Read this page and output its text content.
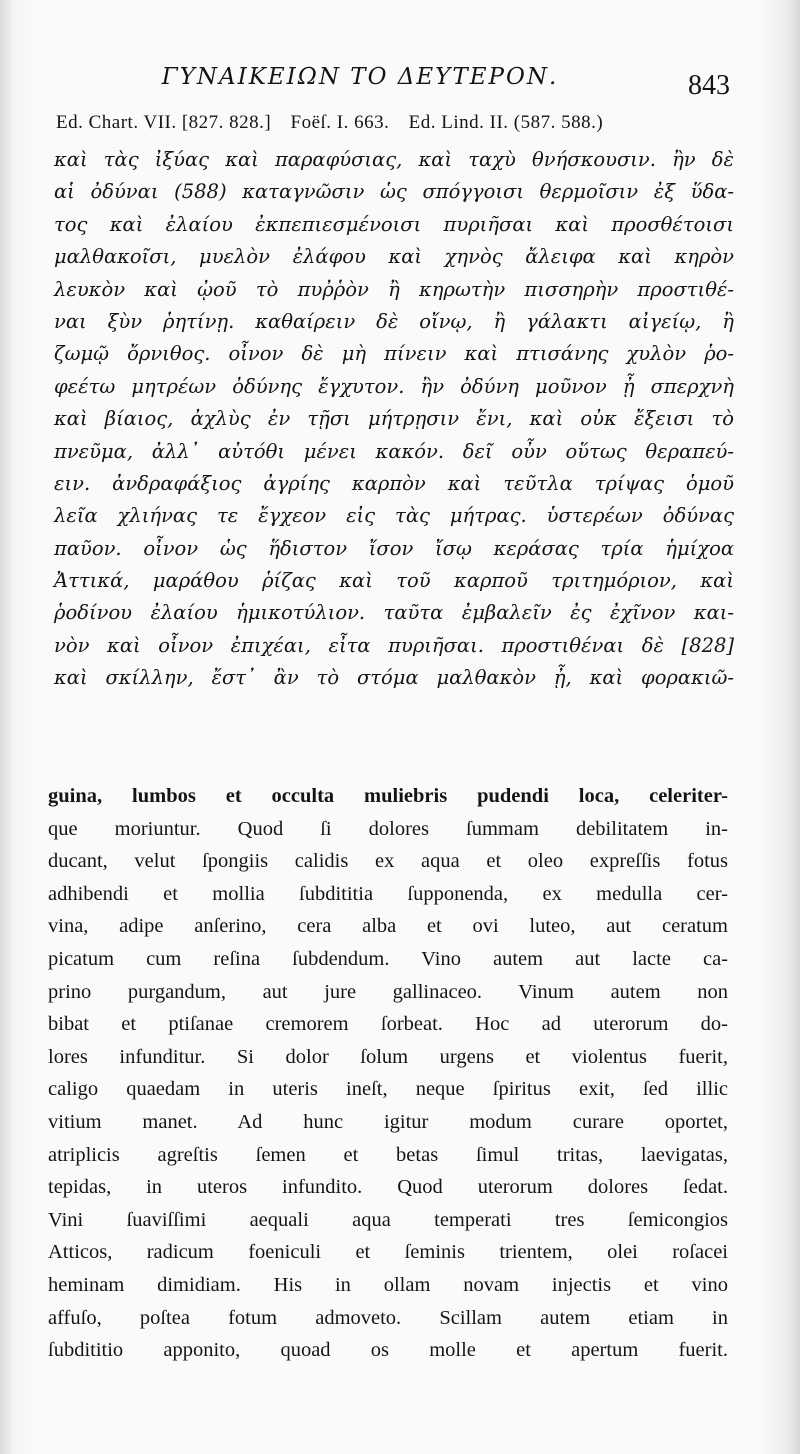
ΓΥΝΑΙΚΕΙΩΝ ΤΟ ΔΕΥΤΕΡΟΝ.	843
Ed. Chart. VII. [827. 828.] Foëſ. I. 663. Ed. Lind. II. (587. 588.)
καὶ τὰς ἰξύας καὶ παραφύσιας, καὶ ταχὺ θνήσκουσιν. ἢν δὲ
αἱ ὀδύναι (588) καταγνῶσιν ὡς σπόγγοισι θερμοῖσιν ἐξ ὕδα-
τος καὶ ἐλαίου ἐκπεπιεσμένοισι πυριῆσαι καὶ προσθέτοισι
μαλθακοῖσι, μυελὸν ἐλάφου καὶ χηνὸς ἄλειφα καὶ κηρὸν
λευκὸν καὶ ᾠοῦ τὸ πυῤῥὸν ἢ κηρωτὴν πισσηρὴν προστιθέ-
ναι ξὺν ῥητίνῃ. καθαίρειν δὲ οἴνῳ, ἢ γάλακτι αἰγείῳ, ἢ
ζωμῷ ὄρνιθος. οἶνον δὲ μὴ πίνειν καὶ πτισάνης χυλὸν ῥο-
φεέτω μητρέων ὀδύνης ἔγχυτον. ἢν ὀδύνη μοῦνον ᾖ σπερχνὴ
καὶ βίαιος, ἀχλὺς ἐν τῇσι μήτρῃσιν ἔνι, καὶ οὐκ ἔξεισι τὸ
πνεῦμα, ἀλλ᾽ αὐτόθι μένει κακόν. δεῖ οὖν οὕτως θεραπεύ-
ειν. ἀνδραφάξιος ἀγρίης καρπὸν καὶ τεῦτλα τρίψας ὁμοῦ
λεῖα χλιήνας τε ἔγχεον εἰς τὰς μήτρας. ὑστερέων ὀδύνας
παῦον. οἶνον ὡς ἥδιστον ἴσον ἴσῳ κεράσας τρία ἡμίχοα
Ἀττικά, μαράθου ῥίζας καὶ τοῦ καρποῦ τριτημόριον, καὶ
ῥοδίνου ἐλαίου ἡμικοτύλιον. ταῦτα ἐμβαλεῖν ἐς ἐχῖνον και-
νὸν καὶ οἶνον ἐπιχέαι, εἶτα πυριῆσαι. προστιθέναι δὲ [828]
καὶ σκίλλην, ἔστ᾽ ἂν τὸ στόμα μαλθακὸν ᾖ, καὶ φορακιῶ-
guina, lumbos et occulta muliebris pudendi loca, celeriter-
que moriuntur. Quod ſi dolores ſummam debilitatem in-
ducant, velut ſpongiis calidis ex aqua et oleo expreſſis fotus
adhibendi et mollia ſubdititia ſupponenda, ex medulla cer-
vina, adipe anſerino, cera alba et ovi luteo, aut ceratum
picatum cum reſina ſubdendum. Vino autem aut lacte ca-
prino purgandum, aut jure gallinaceo. Vinum autem non
bibat et ptiſanae cremorem ſorbeat. Hoc ad uterorum do-
lores infunditur. Si dolor ſolum urgens et violentus fuerit,
caligo quaedam in uteris ineſt, neque ſpiritus exit, ſed illic
vitium manet. Ad hunc igitur modum curare oportet,
atriplicis agreſtis ſemen et betas ſimul tritas, laevigatas,
tepidas, in uteros infundito. Quod uterorum dolores ſedat.
Vini ſuaviſſimi aequali aqua temperati tres ſemicongios
Atticos, radicum foeniculi et ſeminis trientem, olei roſacei
heminam dimidiam. His in ollam novam injectis et vino
affuſo, poſtea fotum admoveto. Scillam autem etiam in
ſubdititio apponito, quoad os molle et apertum fuerit.
